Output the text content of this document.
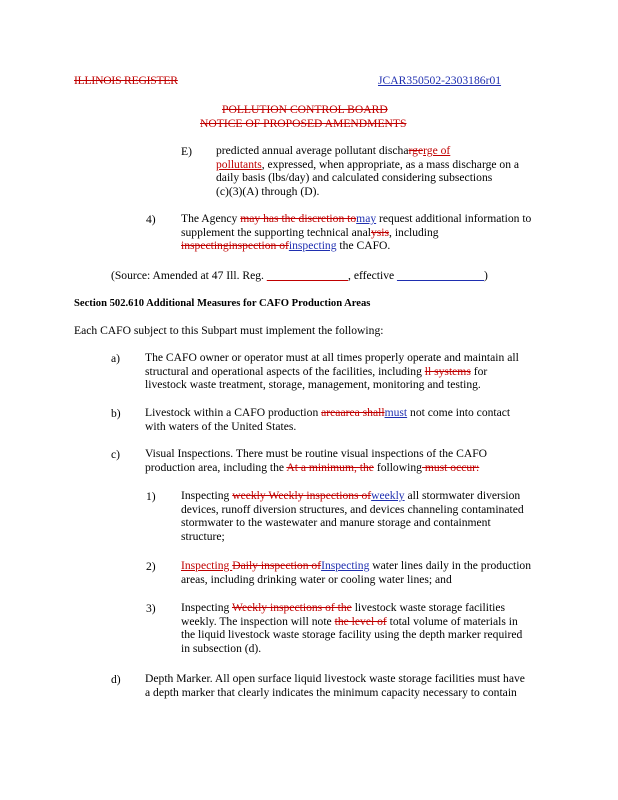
ILLINOIS REGISTER	JCAR350502-2303186r01
POLLUTION CONTROL BOARD
NOTICE OF PROPOSED AMENDMENTS
E) predicted annual average pollutant dischargerge of
pollutants, expressed, when appropriate, as a mass discharge on a
daily basis (lbs/day) and calculated considering subsections
(c)(3)(A) through (D).
4) The Agency may has the discretion tomay request additional information to
supplement the supporting technical analysis, including
inspectinginspection ofinspecting the CAFO.
(Source: Amended at 47 Ill. Reg. ______________, effective _______________)
Section 502.610 Additional Measures for CAFO Production Areas
Each CAFO subject to this Subpart must implement the following:
a) The CAFO owner or operator must at all times properly operate and maintain all
structural and operational aspects of the facilities, including ll systems for
livestock waste treatment, storage, management, monitoring and testing.
b) Livestock within a CAFO production areaarea shallmust not come into contact
with waters of the United States.
c) Visual Inspections. There must be routine visual inspections of the CAFO
production area, including the At a minimum, the following must occur:
1) Inspecting weekly Weekly inspections ofweekly all stormwater diversion
devices, runoff diversion structures, and devices channeling contaminated
stormwater to the wastewater and manure storage and containment
structure;
2) Inspecting Daily inspection ofInspecting water lines daily in the production
areas, including drinking water or cooling water lines; and
3) Inspecting Weekly inspections of the livestock waste storage facilities
weekly. The inspection will note the level of total volume of materials in
the liquid livestock waste storage facility using the depth marker required
in subsection (d).
d) Depth Marker. All open surface liquid livestock waste storage facilities must have
a depth marker that clearly indicates the minimum capacity necessary to contain
